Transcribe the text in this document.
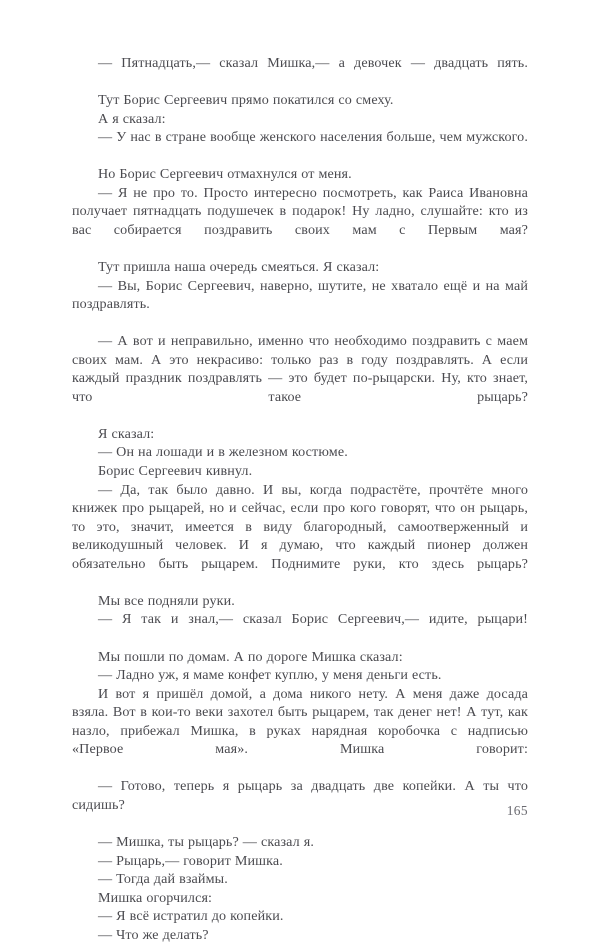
— Пятнадцать,— сказал Мишка,— а девочек — двадцать пять.

Тут Борис Сергеевич прямо покатился со смеху.

А я сказал:

— У нас в стране вообще женского населения больше, чем мужского.

Но Борис Сергеевич отмахнулся от меня.

— Я не про то. Просто интересно посмотреть, как Раиса Ивановна получает пятнадцать подушечек в подарок! Ну ладно, слушайте: кто из вас собирается поздравить своих мам с Первым мая?

Тут пришла наша очередь смеяться. Я сказал:

— Вы, Борис Сергеевич, наверно, шутите, не хватало ещё и на май поздравлять.

— А вот и неправильно, именно что необходимо поздравить с маем своих мам. А это некрасиво: только раз в году поздравлять. А если каждый праздник поздравлять — это будет по-рыцарски. Ну, кто знает, что такое рыцарь?

Я сказал:

— Он на лошади и в железном костюме.

Борис Сергеевич кивнул.

— Да, так было давно. И вы, когда подрастёте, прочтёте много книжек про рыцарей, но и сейчас, если про кого говорят, что он рыцарь, то это, значит, имеется в виду благородный, самоотверженный и великодушный человек. И я думаю, что каждый пионер должен обязательно быть рыцарем. Поднимите руки, кто здесь рыцарь?

Мы все подняли руки.

— Я так и знал,— сказал Борис Сергеевич,— идите, рыцари!

Мы пошли по домам. А по дороге Мишка сказал:

— Ладно уж, я маме конфет куплю, у меня деньги есть.

И вот я пришёл домой, а дома никого нету. А меня даже досада взяла. Вот в кои-то веки захотел быть рыцарем, так денег нет! А тут, как назло, прибежал Мишка, в руках нарядная коробочка с надписью «Первое мая». Мишка говорит:

— Готово, теперь я рыцарь за двадцать две копейки. А ты что сидишь?

— Мишка, ты рыцарь? — сказал я.

— Рыцарь,— говорит Мишка.

— Тогда дай взаймы.

Мишка огорчился:

— Я всё истратил до копейки.

— Что же делать?

165
